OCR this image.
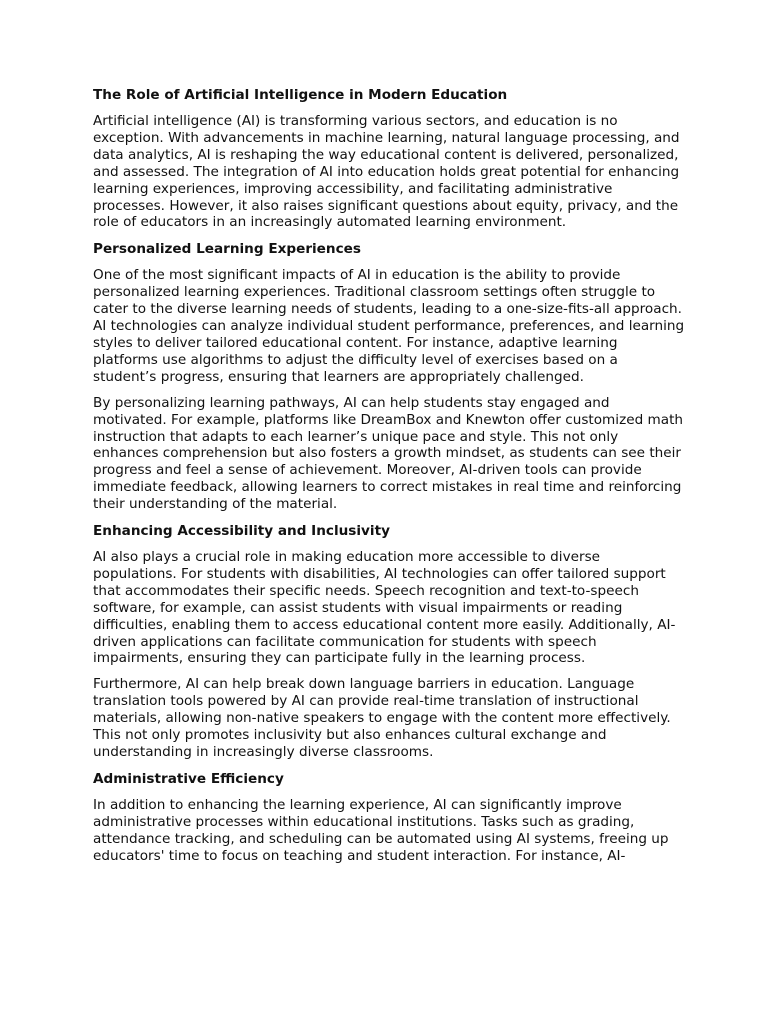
The Role of Artificial Intelligence in Modern Education
Artificial intelligence (AI) is transforming various sectors, and education is no exception. With advancements in machine learning, natural language processing, and data analytics, AI is reshaping the way educational content is delivered, personalized, and assessed. The integration of AI into education holds great potential for enhancing learning experiences, improving accessibility, and facilitating administrative processes. However, it also raises significant questions about equity, privacy, and the role of educators in an increasingly automated learning environment.
Personalized Learning Experiences
One of the most significant impacts of AI in education is the ability to provide personalized learning experiences. Traditional classroom settings often struggle to cater to the diverse learning needs of students, leading to a one-size-fits-all approach. AI technologies can analyze individual student performance, preferences, and learning styles to deliver tailored educational content. For instance, adaptive learning platforms use algorithms to adjust the difficulty level of exercises based on a student’s progress, ensuring that learners are appropriately challenged.
By personalizing learning pathways, AI can help students stay engaged and motivated. For example, platforms like DreamBox and Knewton offer customized math instruction that adapts to each learner’s unique pace and style. This not only enhances comprehension but also fosters a growth mindset, as students can see their progress and feel a sense of achievement. Moreover, AI-driven tools can provide immediate feedback, allowing learners to correct mistakes in real time and reinforcing their understanding of the material.
Enhancing Accessibility and Inclusivity
AI also plays a crucial role in making education more accessible to diverse populations. For students with disabilities, AI technologies can offer tailored support that accommodates their specific needs. Speech recognition and text-to-speech software, for example, can assist students with visual impairments or reading difficulties, enabling them to access educational content more easily. Additionally, AI-driven applications can facilitate communication for students with speech impairments, ensuring they can participate fully in the learning process.
Furthermore, AI can help break down language barriers in education. Language translation tools powered by AI can provide real-time translation of instructional materials, allowing non-native speakers to engage with the content more effectively. This not only promotes inclusivity but also enhances cultural exchange and understanding in increasingly diverse classrooms.
Administrative Efficiency
In addition to enhancing the learning experience, AI can significantly improve administrative processes within educational institutions. Tasks such as grading, attendance tracking, and scheduling can be automated using AI systems, freeing up educators' time to focus on teaching and student interaction. For instance, AI-
